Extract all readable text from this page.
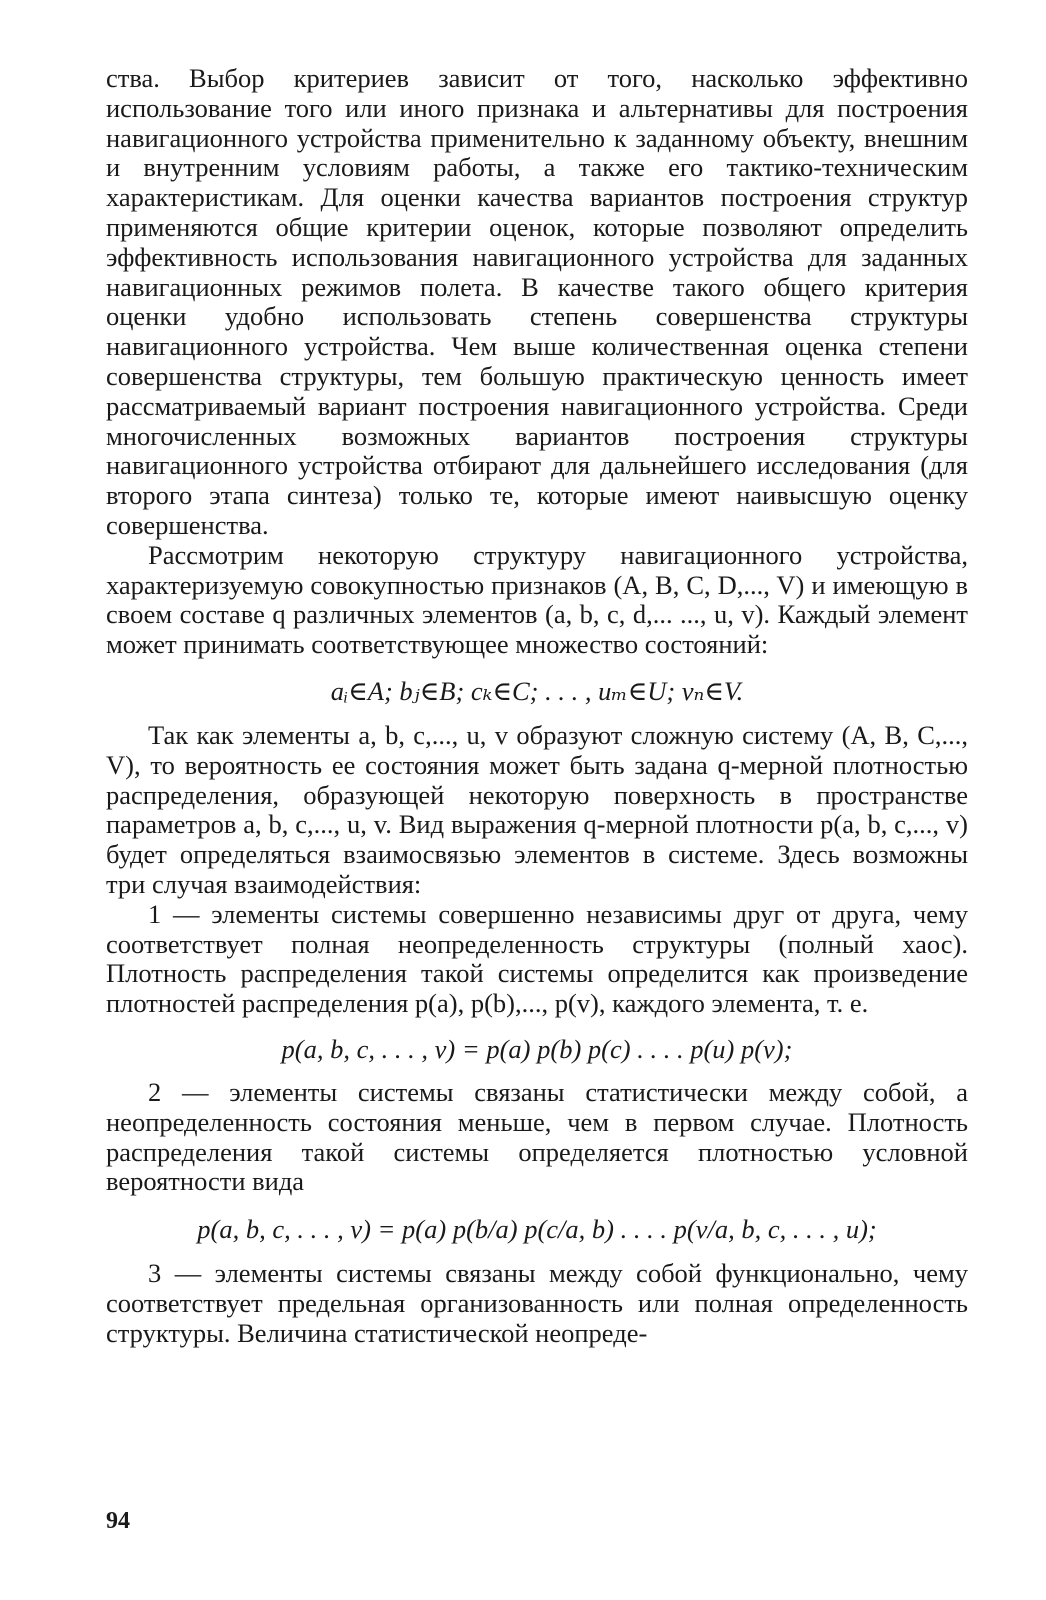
ства. Выбор критериев зависит от того, насколько эффективно использование того или иного признака и альтернативы для построения навигационного устройства применительно к заданному объекту, внешним и внутренним условиям работы, а также его тактико-техническим характеристикам. Для оценки качества вариантов построения структур применяются общие критерии оценок, которые позволяют определить эффективность использования навигационного устройства для заданных навигационных режимов полета. В качестве такого общего критерия оценки удобно использовать степень совершенства структуры навигационного устройства. Чем выше количественная оценка степени совершенства структуры, тем большую практическую ценность имеет рассматриваемый вариант построения навигационного устройства. Среди многочисленных возможных вариантов построения структуры навигационного устройства отбирают для дальнейшего исследования (для второго этапа синтеза) только те, которые имеют наивысшую оценку совершенства.

Рассмотрим некоторую структуру навигационного устройства, характеризуемую совокупностью признаков (A, B, C, D,..., V) и имеющую в своем составе q различных элементов (a, b, c, d,... ..., u, v). Каждый элемент может принимать соответствующее множество состояний:

aᵢ∈A; bⱼ∈B; cₖ∈C; . . . , uₘ∈U; vₙ∈V.

Так как элементы a, b, c,..., u, v образуют сложную систему (A, B, C,..., V), то вероятность ее состояния может быть задана q-мерной плотностью распределения, образующей некоторую поверхность в пространстве параметров a, b, c,..., u, v. Вид выражения q-мерной плотности p(a, b, c,..., v) будет определяться взаимосвязью элементов в системе. Здесь возможны три случая взаимодействия:

1 — элементы системы совершенно независимы друг от друга, чему соответствует полная неопределенность структуры (полный хаос). Плотность распределения такой системы определится как произведение плотностей распределения p(a), p(b),..., p(v), каждого элемента, т. е.

p(a, b, c, . . . , v) = p(a) p(b) p(c) . . . . p(u) p(v);

2 — элементы системы связаны статистически между собой, а неопределенность состояния меньше, чем в первом случае. Плотность распределения такой системы определяется плотностью условной вероятности вида

p(a, b, c, . . . , v) = p(a) p(b/a) p(c/a, b) . . . . p(v/a, b, c, . . . , u);

3 — элементы системы связаны между собой функционально, чему соответствует предельная организованность или полная определенность структуры. Величина статистической неопреде-

94
